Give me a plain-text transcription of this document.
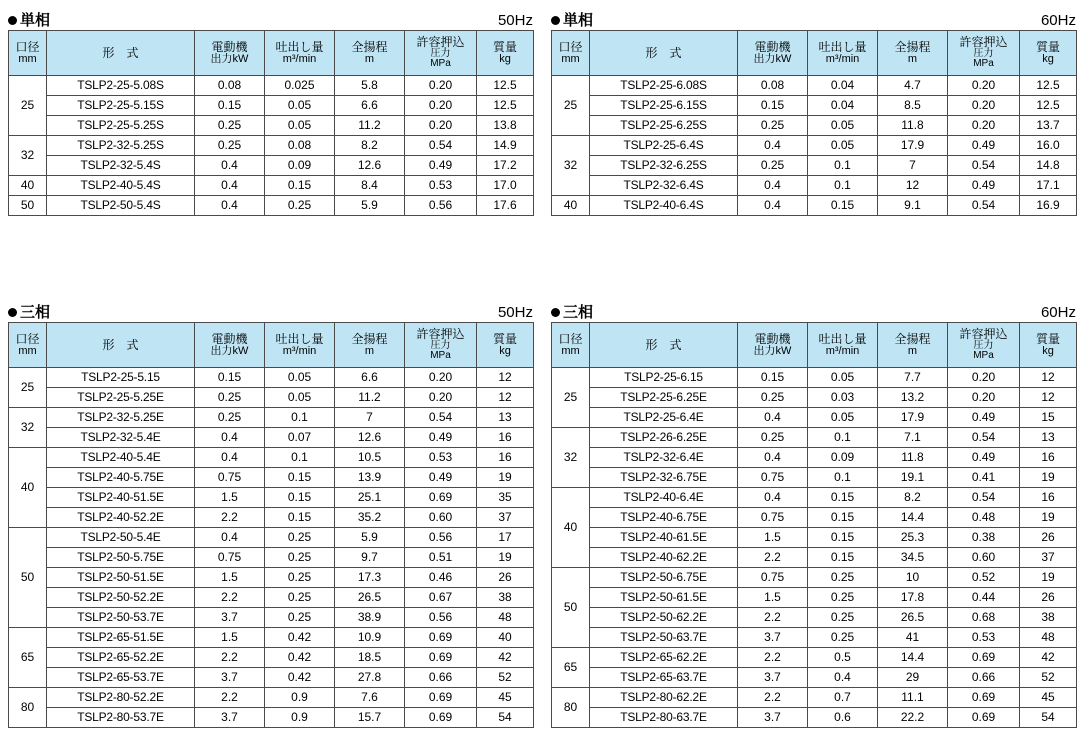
単相	50Hz
口径
mm	形　式	電動機
出力kW	吐出し量
m³/min	全揚程
m	許容押込
圧力
MPa	質量
kg

25	TSLP2-25-5.08S	0.08	0.025	5.8	0.20	12.5
	TSLP2-25-5.15S	0.15	0.05	6.6	0.20	12.5
	TSLP2-25-5.25S	0.25	0.05	11.2	0.20	13.8
32	TSLP2-32-5.25S	0.25	0.08	8.2	0.54	14.9
	TSLP2-32-5.4S	0.4	0.09	12.6	0.49	17.2
40	TSLP2-40-5.4S	0.4	0.15	8.4	0.53	17.0
50	TSLP2-50-5.4S	0.4	0.25	5.9	0.56	17.6
単相	60Hz
口径
mm	形　式	電動機
出力kW	吐出し量
m³/min	全揚程
m	許容押込
圧力
MPa	質量
kg

25	TSLP2-25-6.08S	0.08	0.04	4.7	0.20	12.5
	TSLP2-25-6.15S	0.15	0.04	8.5	0.20	12.5
	TSLP2-25-6.25S	0.25	0.05	11.8	0.20	13.7
32	TSLP2-25-6.4S	0.4	0.05	17.9	0.49	16.0
	TSLP2-32-6.25S	0.25	0.1	7	0.54	14.8
	TSLP2-32-6.4S	0.4	0.1	12	0.49	17.1
40	TSLP2-40-6.4S	0.4	0.15	9.1	0.54	16.9
三相	50Hz
口径
mm	形　式	電動機
出力kW	吐出し量
m³/min	全揚程
m	許容押込
圧力
MPa	質量
kg

25	TSLP2-25-5.15	0.15	0.05	6.6	0.20	12
	TSLP2-25-5.25E	0.25	0.05	11.2	0.20	12
32	TSLP2-32-5.25E	0.25	0.1	7	0.54	13
	TSLP2-32-5.4E	0.4	0.07	12.6	0.49	16
40	TSLP2-40-5.4E	0.4	0.1	10.5	0.53	16
	TSLP2-40-5.75E	0.75	0.15	13.9	0.49	19
	TSLP2-40-51.5E	1.5	0.15	25.1	0.69	35
	TSLP2-40-52.2E	2.2	0.15	35.2	0.60	37
50	TSLP2-50-5.4E	0.4	0.25	5.9	0.56	17
	TSLP2-50-5.75E	0.75	0.25	9.7	0.51	19
	TSLP2-50-51.5E	1.5	0.25	17.3	0.46	26
	TSLP2-50-52.2E	2.2	0.25	26.5	0.67	38
	TSLP2-50-53.7E	3.7	0.25	38.9	0.56	48
65	TSLP2-65-51.5E	1.5	0.42	10.9	0.69	40
	TSLP2-65-52.2E	2.2	0.42	18.5	0.69	42
	TSLP2-65-53.7E	3.7	0.42	27.8	0.66	52
80	TSLP2-80-52.2E	2.2	0.9	7.6	0.69	45
	TSLP2-80-53.7E	3.7	0.9	15.7	0.69	54
三相	60Hz
口径
mm	形　式	電動機
出力kW	吐出し量
m³/min	全揚程
m	許容押込
圧力
MPa	質量
kg

25	TSLP2-25-6.15	0.15	0.05	7.7	0.20	12
	TSLP2-25-6.25E	0.25	0.03	13.2	0.20	12
	TSLP2-25-6.4E	0.4	0.05	17.9	0.49	15
32	TSLP2-26-6.25E	0.25	0.1	7.1	0.54	13
	TSLP2-32-6.4E	0.4	0.09	11.8	0.49	16
	TSLP2-32-6.75E	0.75	0.1	19.1	0.41	19
40	TSLP2-40-6.4E	0.4	0.15	8.2	0.54	16
	TSLP2-40-6.75E	0.75	0.15	14.4	0.48	19
	TSLP2-40-61.5E	1.5	0.15	25.3	0.38	26
	TSLP2-40-62.2E	2.2	0.15	34.5	0.60	37
50	TSLP2-50-6.75E	0.75	0.25	10	0.52	19
	TSLP2-50-61.5E	1.5	0.25	17.8	0.44	26
	TSLP2-50-62.2E	2.2	0.25	26.5	0.68	38
	TSLP2-50-63.7E	3.7	0.25	41	0.53	48
65	TSLP2-65-62.2E	2.2	0.5	14.4	0.69	42
	TSLP2-65-63.7E	3.7	0.4	29	0.66	52
80	TSLP2-80-62.2E	2.2	0.7	11.1	0.69	45
	TSLP2-80-63.7E	3.7	0.6	22.2	0.69	54
